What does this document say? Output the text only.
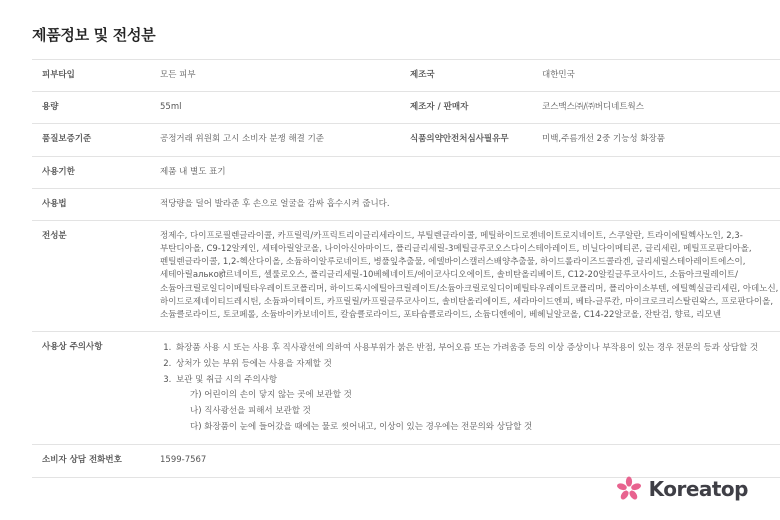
제품정보 및 전성분
피부타입	모든 피부	제조국	대한민국
용량	55ml	제조자 / 판매자	코스맥스㈜/㈜버디네트웍스
품질보증기준	공정거래 위원회 고시 소비자 분쟁 해결 기준	식품의약안전처심사필유무	미백,주름개선 2중 기능성 화장품
사용기한	제품 내 별도 표기		
사용법	적당량을 덜어 발라준 후 손으로 얼굴을 감싸 흡수시켜 줍니다.		
전성분	정제수, 다이프로필렌글라이콜, 카프릴릭/카프릭트리이글리세라이드, 부틸렌글라이콜, 메틸하이드로젠네이트로지네이트, 스쿠알란, 트라이에틸헥사노인, 2,3-부탄디아올, C9-12알케인, 세테아릴알코올, 나이아신아마이드, 폴리글리세릴-3메틸글루코오스다이스테아레이트, 비닐다이메티콘, 글리세린, 메틸프로판디아올, 펜틸렌글라이콜, 1,2-헥산다이올, 소듐하이알루로네이트, 병풀잎추출물, 에델바이스캘러스배양추출물, 하이드롤라이즈드콜라겐, 글리세릴스테아레이트에스이, 세테아릴алькоहो르네이트, 셀룰로오스, 폴리글리세릴-10베헤네이트/에이코사디오에이트, 솔비탄올리베이트, C12-20알킬글루코사이드, 소듐아크릴레이트/소듐아크릴로일디이메틸타우레이트코폴리머, 하이드록시에틸아크릴레이트/소듐아크릴로일디이메틸타우레이트코폴리머, 폴리아이소부텐, 에틸헥실글리세린, 아데노신, 하이드로제네이티드레시틴, 소듐파이테이트, 카프릴릴/카프릴글루코사이드, 솔비탄올리에이트, 세라마이드엔피, 베타-글루칸, 마이크로크리스탈린왁스, 프로판다이올, 소듐클로라이드, 토코페롤, 소듐바이카보네이트, 칼슘클로라이드, 포타슘클로라이드, 소듐디엔에이, 베헤닐알코올, C14-22알코올, 잔탄검, 향료, 리모넨		
사용상 주의사항	
1.화장품 사용 시 또는 사용 후 직사광선에 의하여 사용부위가 붉은 반점, 부어오름 또는 가려움증 등의 이상 증상이나 부작용이 있는 경우 전문의 등과 상담할 것
2. 상처가 있는 부위 등에는 사용을 자제할 것
3. 보관 및 취급 시의 주의사항
가) 어린이의 손이 닿지 않는 곳에 보관할 것
나) 직사광선을 피해서 보관할 것
다) 화장품이 눈에 들어갔을 때에는 물로 씻어내고, 이상이 있는 경우에는 전문의와 상담할 것

소비자 상담 전화번호	1599-7567		
Koreatop
